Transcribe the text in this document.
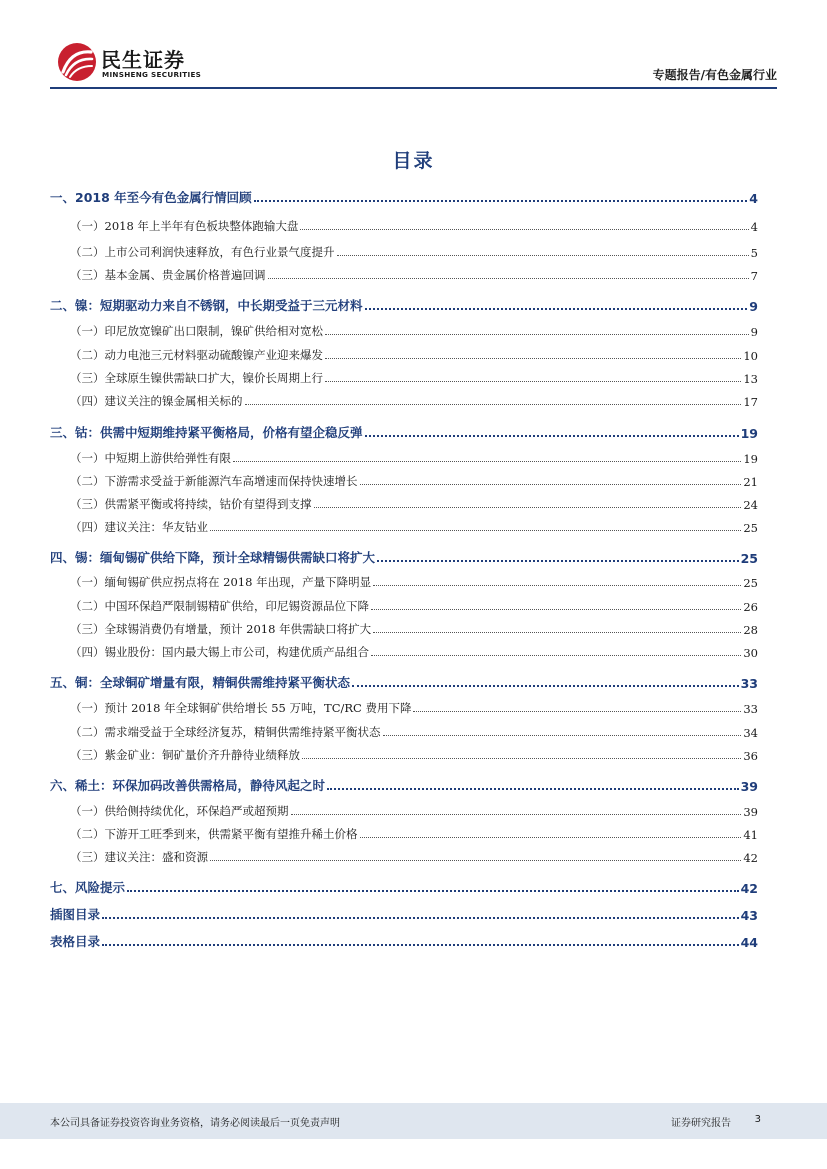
民生证券
MINSHENG SECURITIES	专题报告/有色金属行业
目录
一、2018 年至今有色金属行情回顾	4
（一）2018 年上半年有色板块整体跑输大盘	4
（二）上市公司利润快速释放，有色行业景气度提升	5
（三）基本金属、贵金属价格普遍回调	7
二、镍：短期驱动力来自不锈钢，中长期受益于三元材料	9
（一）印尼放宽镍矿出口限制，镍矿供给相对宽松	9
（二）动力电池三元材料驱动硫酸镍产业迎来爆发	10
（三）全球原生镍供需缺口扩大，镍价长周期上行	13
（四）建议关注的镍金属相关标的	17
三、钴：供需中短期维持紧平衡格局，价格有望企稳反弹	19
（一）中短期上游供给弹性有限	19
（二）下游需求受益于新能源汽车高增速而保持快速增长	21
（三）供需紧平衡或将持续，钴价有望得到支撑	24
（四）建议关注：华友钴业	25
四、锡：缅甸锡矿供给下降，预计全球精锡供需缺口将扩大	25
（一）缅甸锡矿供应拐点将在 2018 年出现，产量下降明显	25
（二）中国环保趋严限制锡精矿供给，印尼锡资源品位下降	26
（三）全球锡消费仍有增量，预计 2018 年供需缺口将扩大	28
（四）锡业股份：国内最大锡上市公司，构建优质产品组合	30
五、铜：全球铜矿增量有限，精铜供需维持紧平衡状态	33
（一）预计 2018 年全球铜矿供给增长 55 万吨，TC/RC 费用下降	33
（二）需求端受益于全球经济复苏，精铜供需维持紧平衡状态	34
（三）紫金矿业：铜矿量价齐升静待业绩释放	36
六、稀土：环保加码改善供需格局，静待风起之时	39
（一）供给侧持续优化，环保趋严或超预期	39
（二）下游开工旺季到来，供需紧平衡有望推升稀土价格	41
（三）建议关注：盛和资源	42
七、风险提示	42
插图目录	43
表格目录	44
本公司具备证券投资咨询业务资格，请务必阅读最后一页免责声明	证券研究报告 3
